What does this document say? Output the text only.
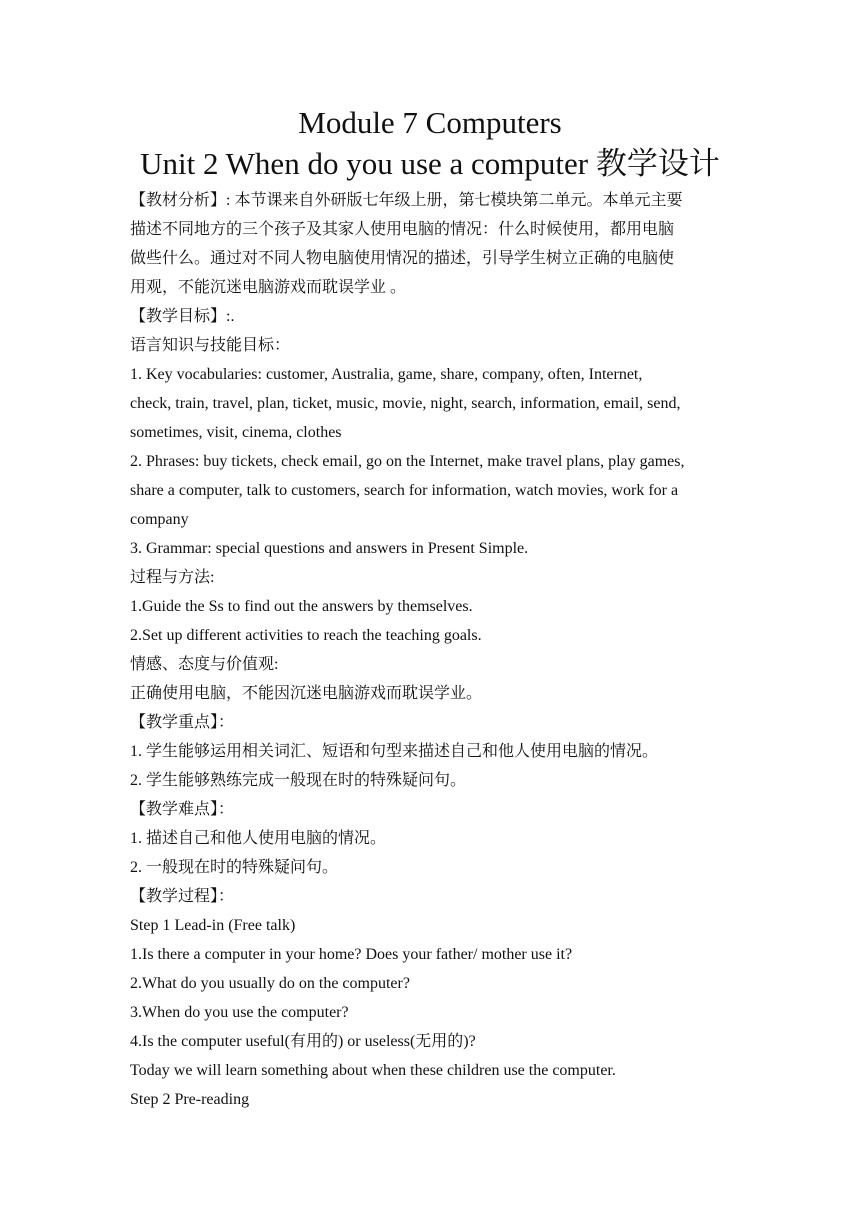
Module 7 Computers
Unit 2 When do you use a computer 教学设计

【教材分析】: 本节课来自外研版七年级上册，第七模块第二单元。本单元主要

描述不同地方的三个孩子及其家人使用电脑的情况：什么时候使用，都用电脑

做些什么。通过对不同人物电脑使用情况的描述，引导学生树立正确的电脑使

用观，不能沉迷电脑游戏而耽误学业 。

【教学目标】:.

语言知识与技能目标：

1. Key vocabularies: customer, Australia, game, share, company, often, Internet,

check, train, travel, plan, ticket, music, movie, night, search, information, email, send,

sometimes, visit, cinema, clothes

2. Phrases: buy tickets, check email, go on the Internet, make travel plans, play games,

share a computer, talk to customers, search for information, watch movies, work for a

company

3. Grammar: special questions and answers in Present Simple.

过程与方法:

1.Guide the Ss to find out the answers by themselves.

2.Set up different activities to reach the teaching goals.

情感、态度与价值观:

正确使用电脑，不能因沉迷电脑游戏而耽误学业。

【教学重点】：

1. 学生能够运用相关词汇、短语和句型来描述自己和他人使用电脑的情况。

2. 学生能够熟练完成一般现在时的特殊疑问句。

【教学难点】：

1. 描述自己和他人使用电脑的情况。

2. 一般现在时的特殊疑问句。

【教学过程】：

Step 1 Lead-in (Free talk)

1.Is there a computer in your home? Does your father/ mother use it?

2.What do you usually do on the computer?

3.When do you use the computer?

4.Is the computer useful(有用的) or useless(无用的)?

Today we will learn something about when these children use the computer.

Step 2 Pre-reading
